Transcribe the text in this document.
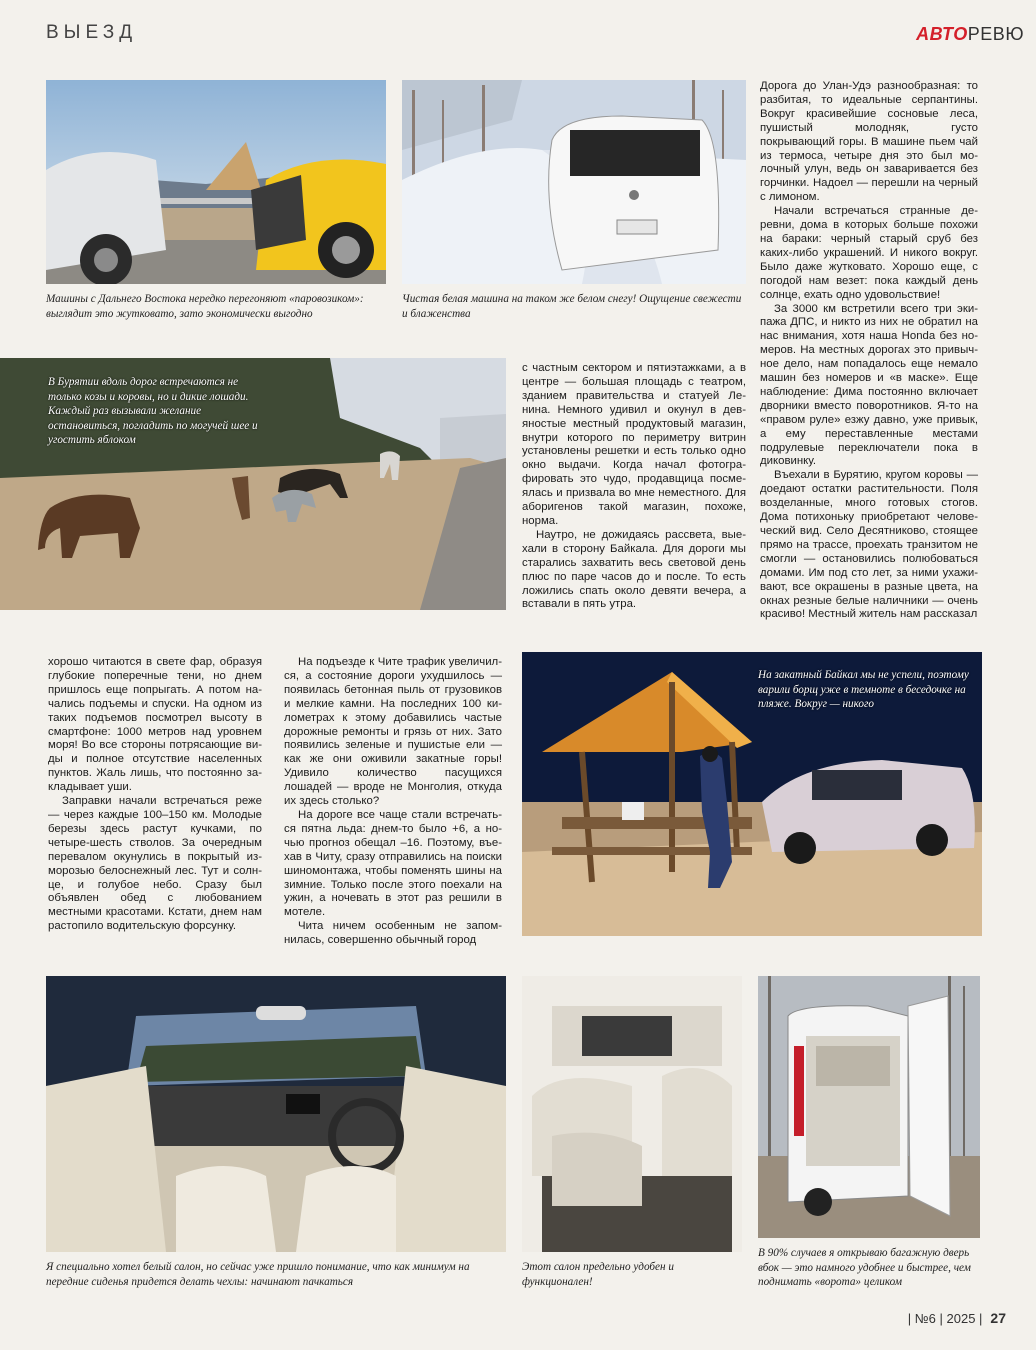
ВЫЕЗД	АВТОРЕВЮ
Машины с Дальнего Востока нередко перегоняют «паровозиком»: выглядит это жутковато, зато экономически выгодно
Чистая белая машина на таком же белом снегу! Ощущение свежести и блаженства

Дорога до Улан-Удэ разнообразная: то разбитая, то идеальные серпантины. Вокруг красивейшие сосновые леса, пушистый молодняк, густо покрывающий горы. В машине пьем чай из термоса, четыре дня это был молочный улун, ведь он заваривается без горчинки. Надоел — перешли на черный с лимоном.

Начали встречаться странные деревни, дома в которых больше похожи на бараки: черный старый сруб без каких-либо украшений. И никого вокруг. Было даже жутковато. Хорошо еще, с погодой нам везет: пока каждый день солнце, ехать одно удовольствие!

За 3000 км встретили всего три экипажа ДПС, и никто из них не обратил на нас внимания, хотя наша Honda без номеров. На местных дорогах это привычное дело, нам попадалось еще немало машин без номеров и «в маске». Еще наблюдение: Дима постоянно включает дворники вместо поворотников. Я-то на «правом руле» езжу давно, уже привык, а ему переставленные местами подрулевые переключатели пока в диковинку.

Въехали в Бурятию, кругом коровы — доедают остатки растительности. Поля возделанные, много готовых стогов. Дома потихоньку приобретают человеческий вид. Село Десятниково, стоящее прямо на трассе, проехать транзитом не смогли — остановились полюбоваться домами. Им под сто лет, за ними ухаживают, все окрашены в разные цвета, на окнах резные белые наличники — очень красиво! Местный житель нам рассказал

В Бурятии вдоль дорог встречаются не только козы и коровы, но и дикие лошади. Каждый раз вызывали желание остановиться, погладить по могучей шее и угостить яблоком

с частным сектором и пятиэтажками, а в центре — большая площадь с театром, зданием правительства и статуей Ленина. Немного удивил и окунул в девяностые местный продуктовый магазин, внутри которого по периметру витрин установлены решетки и есть только одно окно выдачи. Когда начал фотографировать это чудо, продавщица посмеялась и призвала во мне неместного. Для аборигенов такой магазин, похоже, норма.

Наутро, не дожидаясь рассвета, выехали в сторону Байкала. Для дороги мы старались захватить весь световой день плюс по паре часов до и после. То есть ложились спать около девяти вечера, а вставали в пять утра.

хорошо читаются в свете фар, образуя глубокие поперечные тени, но днем пришлось еще попрыгать. А потом начались подъемы и спуски. На одном из таких подъемов посмотрел высоту в смартфоне: 1000 метров над уровнем моря! Во все стороны потрясающие виды и полное отсутствие населенных пунктов. Жаль лишь, что постоянно закладывает уши.

Заправки начали встречаться реже — через каждые 100–150 км. Молодые березы здесь растут кучками, по четыре-шесть стволов. За очередным перевалом окунулись в покрытый изморозью белоснежный лес. Тут и солнце, и голубое небо. Сразу был объявлен обед с любованием местными красотами. Кстати, днем нам растопило водительскую форсунку.

На подъезде к Чите трафик увеличился, а состояние дороги ухудшилось — появилась бетонная пыль от грузовиков и мелкие камни. На последних 100 километрах к этому добавились частые дорожные ремонты и грязь от них. Зато появились зеленые и пушистые ели — как же они оживили закатные горы! Удивило количество пасущихся лошадей — вроде не Монголия, откуда их здесь столько?

На дороге все чаще стали встречаться пятна льда: днем-то было +6, а ночью прогноз обещал –16. Поэтому, въехав в Читу, сразу отправились на поиски шиномонтажа, чтобы поменять шины на зимние. Только после этого поехали на ужин, а ночевать в этот раз решили в мотеле.

Чита ничем особенным не запомнилась, совершенно обычный город

На закатный Байкал мы не успели, поэтому варили борщ уже в темноте в беседочке на пляже. Вокруг — никого
Я специально хотел белый салон, но сейчас уже пришло понимание, что как минимум на передние сиденья придется делать чехлы: начинают пачкаться
Этот салон предельно удобен и функционален!
В 90% случаев я открываю багажную дверь вбок — это намного удобнее и быстрее, чем поднимать «ворота» целиком
| №6 | 2025 | 27
